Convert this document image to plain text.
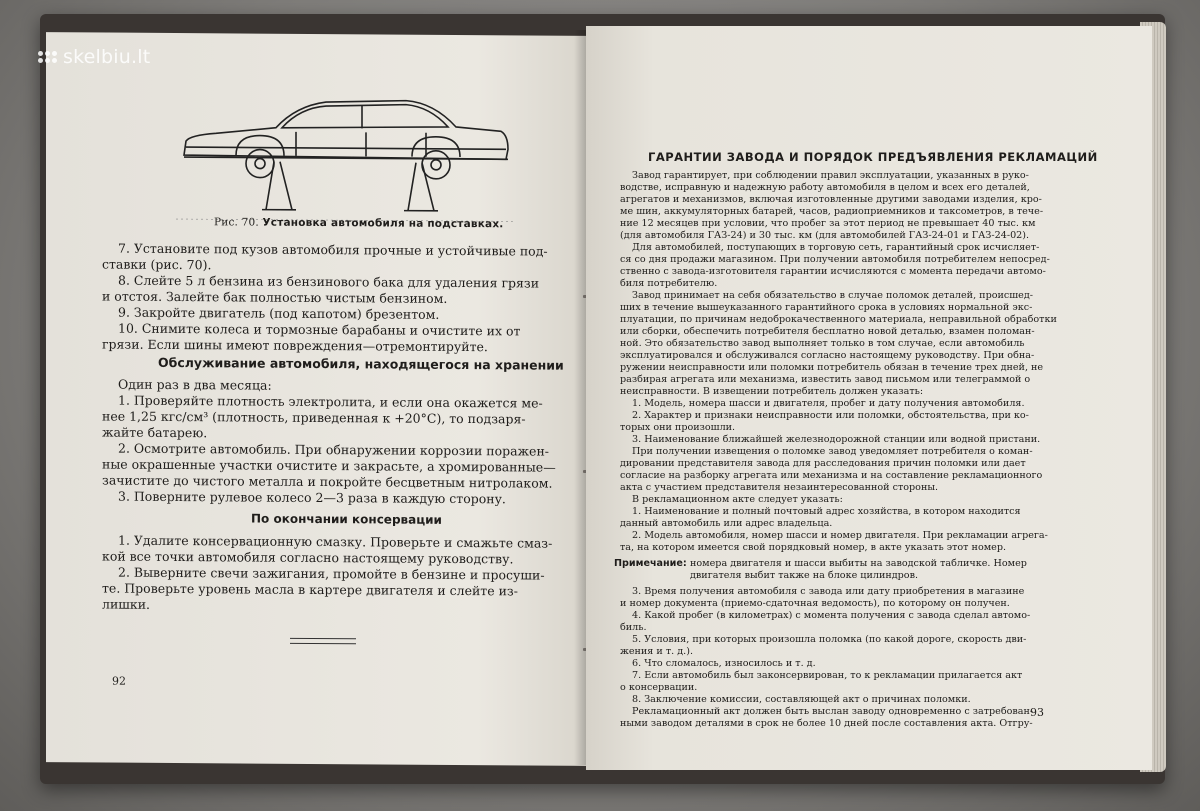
Рис. 70. Установка автомобиля на подставках.
7. Установите под кузов автомобиля прочные и устойчивые под-
ставки (рис. 70).
8. Слейте 5 л бензина из бензинового бака для удаления грязи
и отстоя. Залейте бак полностью чистым бензином.
9. Закройте двигатель (под капотом) брезентом.
10. Снимите колеса и тормозные барабаны и очистите их от
грязи. Если шины имеют повреждения—отремонтируйте.
Обслуживание автомобиля, находящегося на хранении
Один раз в два месяца:
1. Проверяйте плотность электролита, и если она окажется ме-
нее 1,25 кгс/см³ (плотность, приведенная к +20°С), то подзаря-
жайте батарею.
2. Осмотрите автомобиль. При обнаружении коррозии поражен-
ные окрашенные участки очистите и закрасьте, а хромированные—
зачистите до чистого металла и покройте бесцветным нитролаком.
3. Поверните рулевое колесо 2—3 раза в каждую сторону.
По окончании консервации
1. Удалите консервационную смазку. Проверьте и смажьте смаз-
кой все точки автомобиля согласно настоящему руководству.
2. Выверните свечи зажигания, промойте в бензине и просуши-
те. Проверьте уровень масла в картере двигателя и слейте из-
лишки.
92
ГАРАНТИИ ЗАВОДА И ПОРЯДОК ПРЕДЪЯВЛЕНИЯ РЕКЛАМАЦИЙ
Завод гарантирует, при соблюдении правил эксплуатации, указанных в руко-
водстве, исправную и надежную работу автомобиля в целом и всех его деталей,
агрегатов и механизмов, включая изготовленные другими заводами изделия, кро-
ме шин, аккумуляторных батарей, часов, радиоприемников и таксометров, в тече-
ние 12 месяцев при условии, что пробег за этот период не превышает 40 тыс. км
(для автомобиля ГАЗ-24) и 30 тыс. км (для автомобилей ГАЗ-24-01 и ГАЗ-24-02).
Для автомобилей, поступающих в торговую сеть, гарантийный срок исчисляет-
ся со дня продажи магазином. При получении автомобиля потребителем непосред-
ственно с завода-изготовителя гарантии исчисляются с момента передачи автомо-
биля потребителю.
Завод принимает на себя обязательство в случае поломок деталей, происшед-
ших в течение вышеуказанного гарантийного срока в условиях нормальной экс-
плуатации, по причинам недоброкачественного материала, неправильной обработки
или сборки, обеспечить потребителя бесплатно новой деталью, взамен поломан-
ной. Это обязательство завод выполняет только в том случае, если автомобиль
эксплуатировался и обслуживался согласно настоящему руководству. При обна-
ружении неисправности или поломки потребитель обязан в течение трех дней, не
разбирая агрегата или механизма, известить завод письмом или телеграммой о
неисправности. В извещении потребитель должен указать:
1. Модель, номера шасси и двигателя, пробег и дату получения автомобиля.
2. Характер и признаки неисправности или поломки, обстоятельства, при ко-
торых они произошли.
3. Наименование ближайшей железнодорожной станции или водной пристани.
При получении извещения о поломке завод уведомляет потребителя о коман-
дировании представителя завода для расследования причин поломки или дает
согласие на разборку агрегата или механизма и на составление рекламационного
акта с участием представителя незаинтересованной стороны.
В рекламационном акте следует указать:
1. Наименование и полный почтовый адрес хозяйства, в котором находится
данный автомобиль или адрес владельца.
2. Модель автомобиля, номер шасси и номер двигателя. При рекламации агрега-
та, на котором имеется свой порядковый номер, в акте указать этот номер.
Примечание: номера двигателя и шасси выбиты на заводской табличке. Номер
двигателя выбит также на блоке цилиндров.
3. Время получения автомобиля с завода или дату приобретения в магазине
и номер документа (приемо-сдаточная ведомость), по которому он получен.
4. Какой пробег (в километрах) с момента получения с завода сделал автомо-
биль.
5. Условия, при которых произошла поломка (по какой дороге, скорость дви-
жения и т. д.).
6. Что сломалось, износилось и т. д.
7. Если автомобиль был законсервирован, то к рекламации прилагается акт
о консервации.
8. Заключение комиссии, составляющей акт о причинах поломки.
Рекламационный акт должен быть выслан заводу одновременно с затребован-
ными заводом деталями в срок не более 10 дней после составления акта. Отгру-
93
skelbiu.lt
